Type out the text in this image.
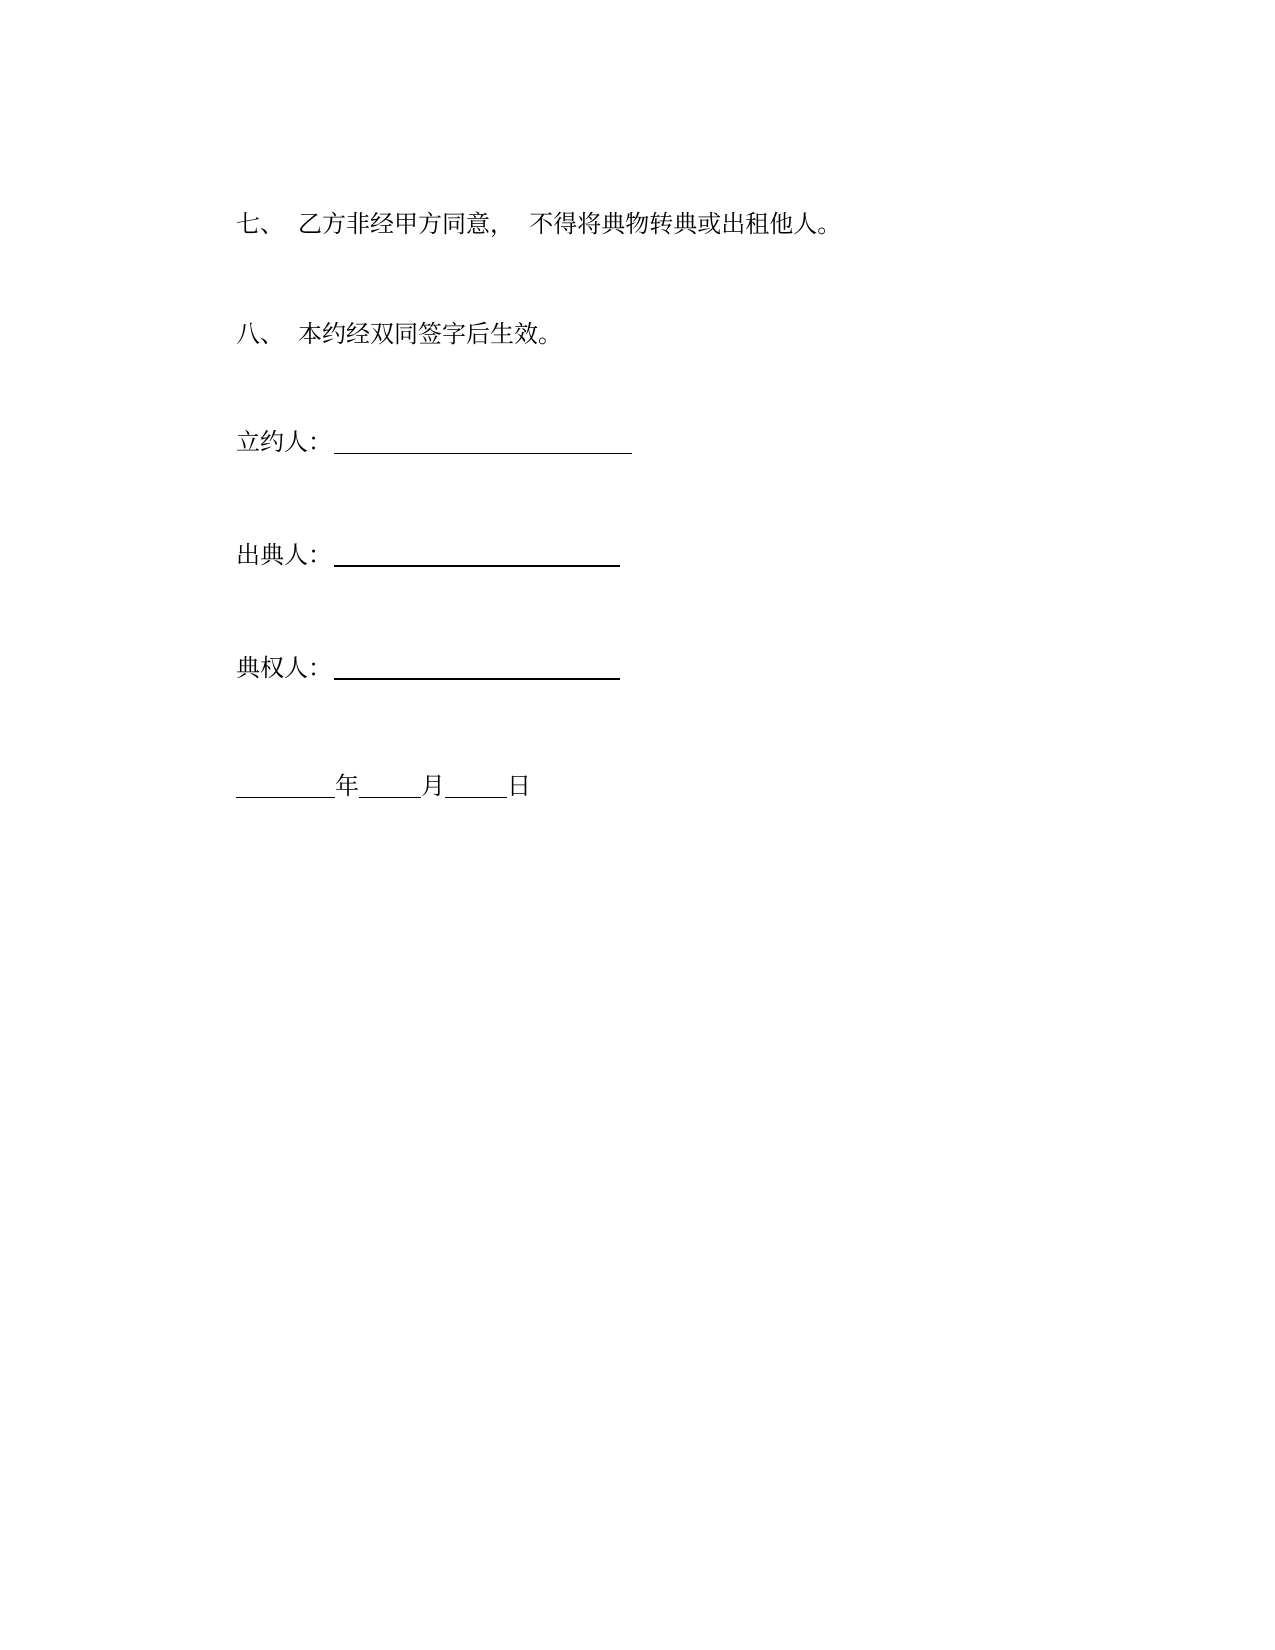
七、 乙方非经甲方同意，  不得将典物转典或出租他人。
八、 本约经双同签字后生效。
立约人：
出典人：
典权人：
年	月	日
